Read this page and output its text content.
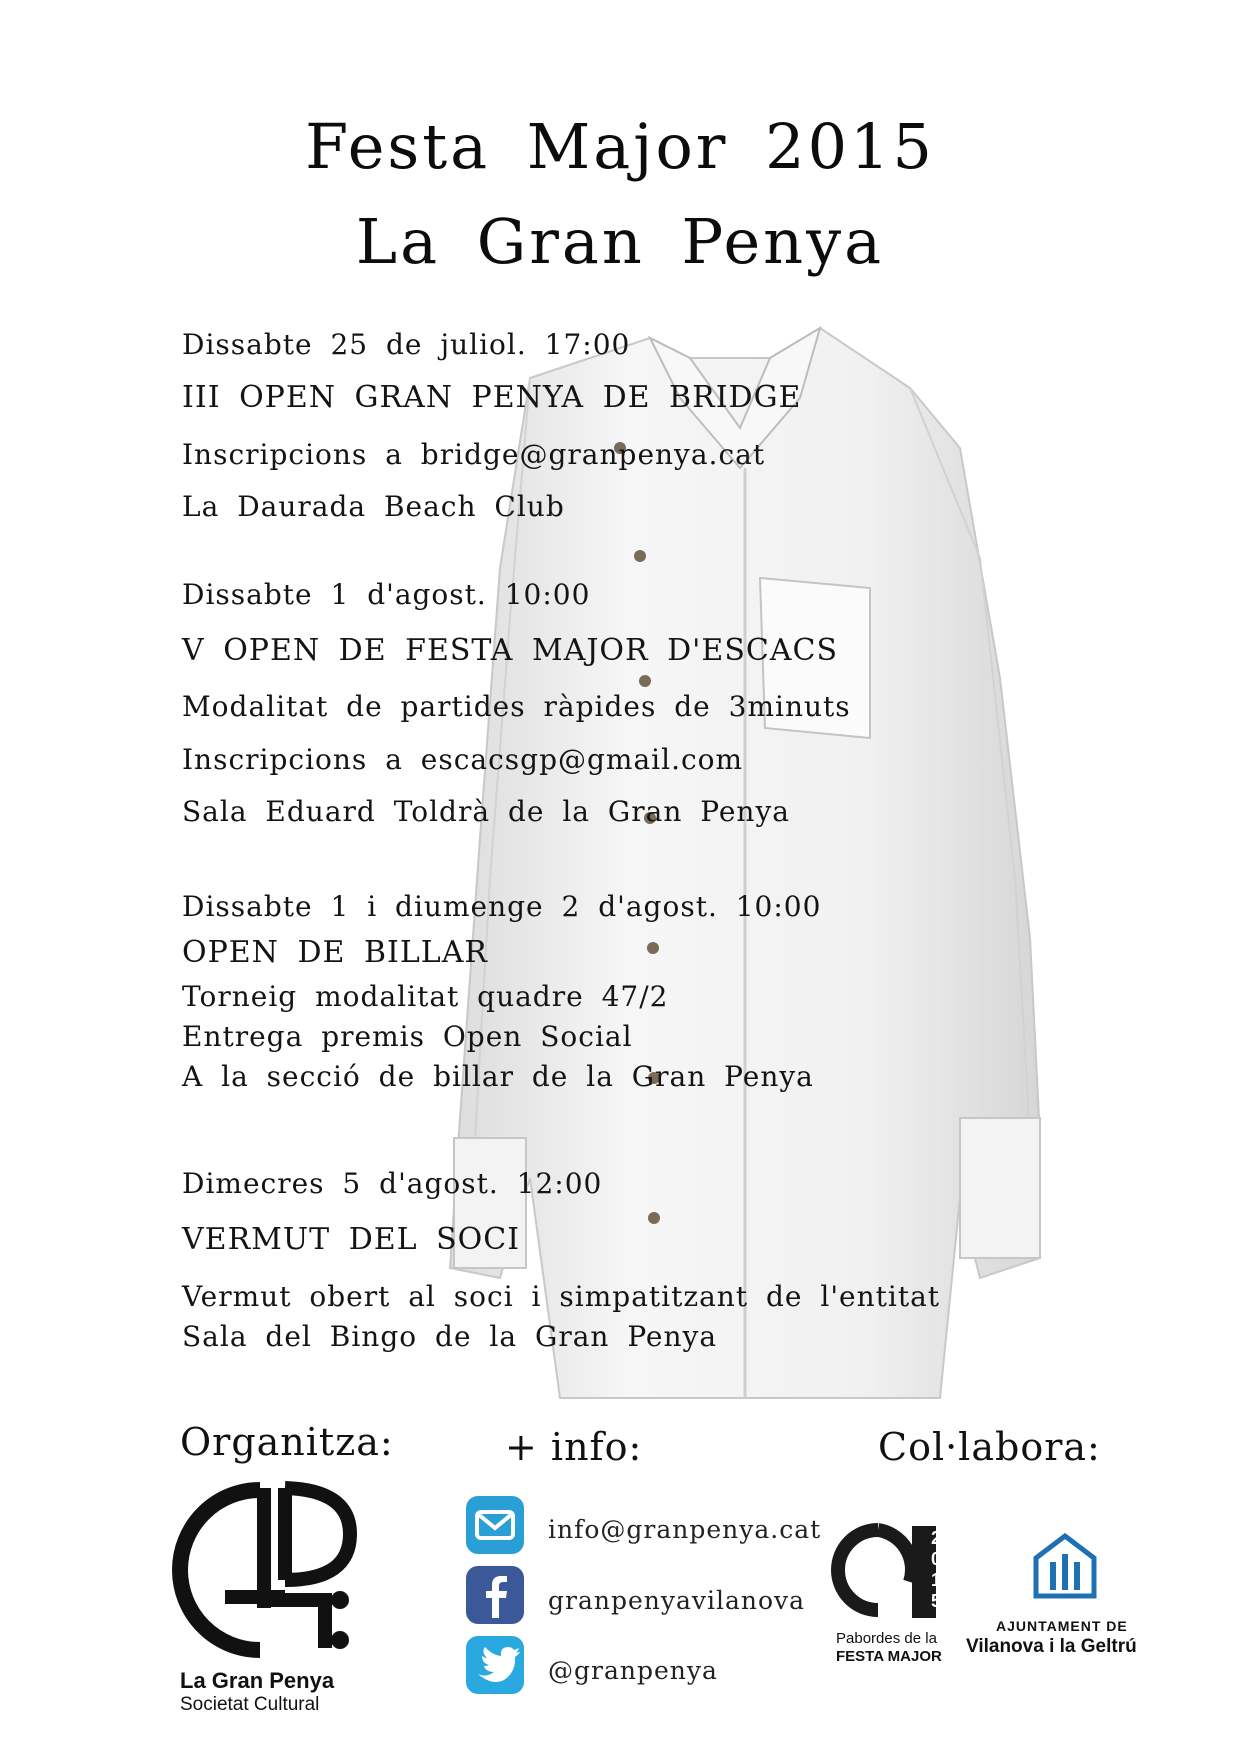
Festa Major 2015
La Gran Penya
Dissabte 25 de juliol. 17:00
III OPEN GRAN PENYA DE BRIDGE
Inscripcions a bridge@granpenya.cat
La Daurada Beach Club
Dissabte 1 d'agost. 10:00
V OPEN DE FESTA MAJOR D'ESCACS
Modalitat de partides ràpides de 3minuts
Inscripcions a escacsgp@gmail.com
Sala Eduard Toldrà de la Gran Penya
Dissabte 1 i diumenge 2 d'agost. 10:00
OPEN DE BILLAR
Torneig modalitat quadre 47/2
Entrega premis Open Social
A la secció de billar de la Gran Penya
Dimecres 5 d'agost. 12:00
VERMUT DEL SOCI
Vermut obert al soci i simpatitzant de l'entitat
Sala del Bingo de la Gran Penya
Organitza:	+ info:	Col·labora:
La Gran Penya
Societat Cultural
info@granpenya.cat
granpenyavilanova
@granpenya
2015
Pabordes de la
FESTA MAJOR
AJUNTAMENT DE
Vilanova i la Geltrú
